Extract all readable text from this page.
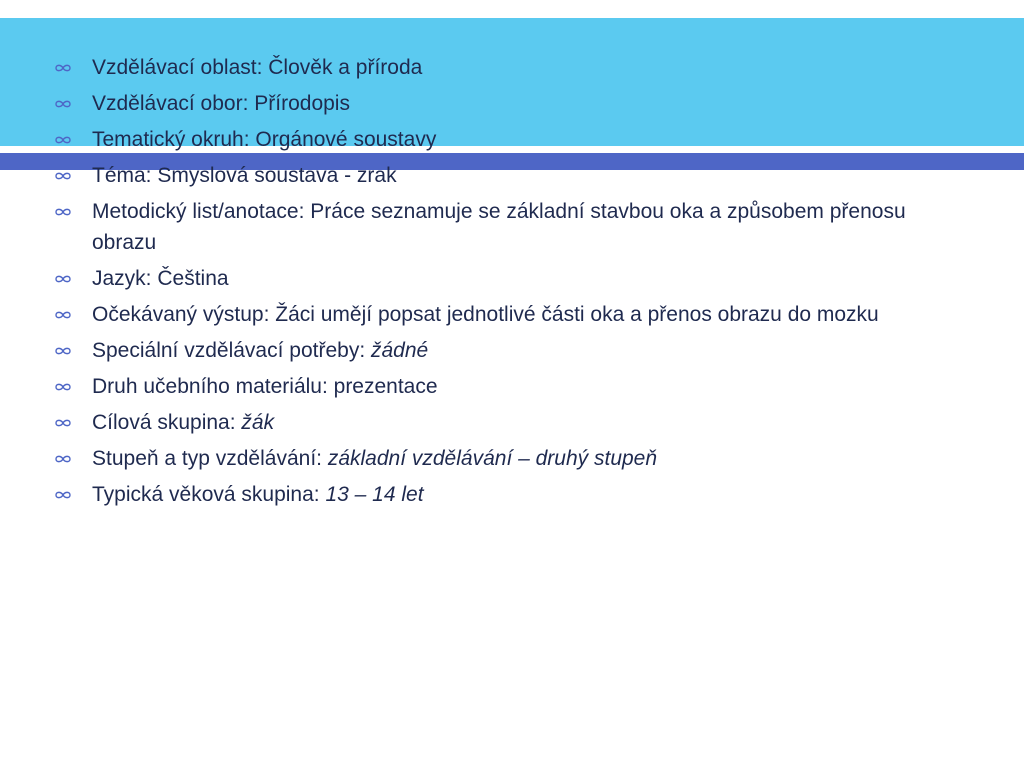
Vzdělávací oblast: Člověk a příroda
Vzdělávací obor: Přírodopis
Tematický okruh: Orgánové soustavy
Téma: Smyslová soustava - zrak
Metodický list/anotace: Práce seznamuje se základní stavbou oka a způsobem přenosu obrazu
Jazyk: Čeština
Očekávaný výstup: Žáci umějí popsat jednotlivé části oka a přenos obrazu do mozku
Speciální vzdělávací potřeby: žádné
Druh učebního materiálu: prezentace
Cílová skupina: žák
Stupeň a typ vzdělávání: základní vzdělávání – druhý stupeň
Typická věková skupina: 13 – 14 let
